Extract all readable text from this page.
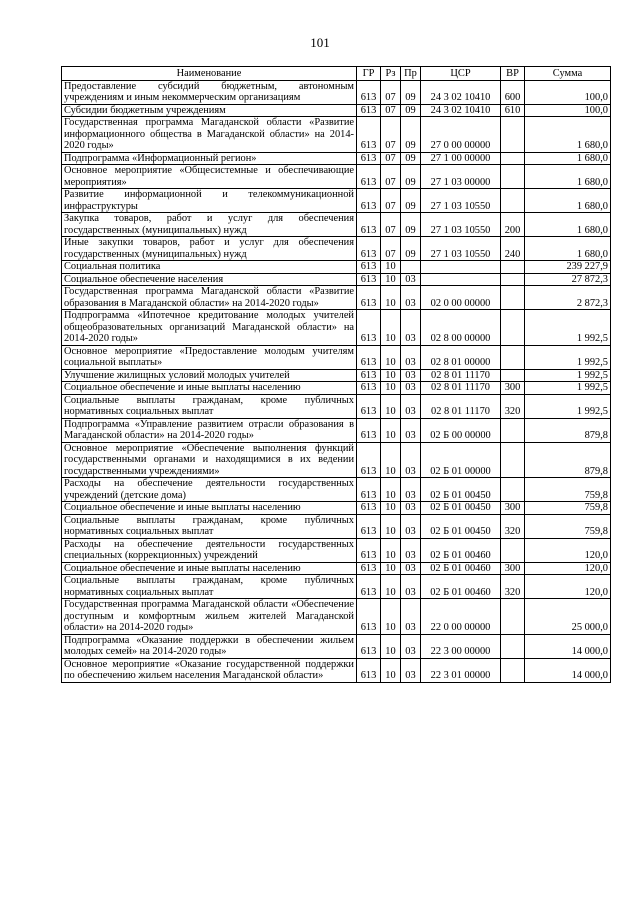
101
Наименование	ГР	Рз	Пр	ЦСР	ВР	Сумма
Предоставление субсидий бюджетным, автономным учреждениям и иным некоммерческим организациям	613	07	09	24 3 02 10410	600	100,0
Субсидии бюджетным учреждениям	613	07	09	24 3 02 10410	610	100,0
Государственная программа Магаданской области «Развитие информационного общества в Магаданской области» на 2014-2020 годы»	613	07	09	27 0 00 00000		1 680,0
Подпрограмма «Информационный регион»	613	07	09	27 1 00 00000		1 680,0
Основное мероприятие «Общесистемные и обеспечивающие мероприятия»	613	07	09	27 1 03 00000		1 680,0
Развитие информационной и телекоммуникационной инфраструктуры	613	07	09	27 1 03 10550		1 680,0
Закупка товаров, работ и услуг для обеспечения государственных (муниципальных) нужд	613	07	09	27 1 03 10550	200	1 680,0
Иные закупки товаров, работ и услуг для обеспечения государственных (муниципальных) нужд	613	07	09	27 1 03 10550	240	1 680,0
Социальная политика	613	10				239 227,9
Социальное обеспечение населения	613	10	03			27 872,3
Государственная программа Магаданской области «Развитие образования в Магаданской области» на 2014-2020 годы»	613	10	03	02 0 00 00000		2 872,3
Подпрограмма «Ипотечное кредитование молодых учителей общеобразовательных организаций Магаданской области» на 2014-2020 годы»	613	10	03	02 8 00 00000		1 992,5
Основное мероприятие «Предоставление молодым учителям социальной выплаты»	613	10	03	02 8 01 00000		1 992,5
Улучшение жилищных условий молодых учителей	613	10	03	02 8 01 11170		1 992,5
Социальное обеспечение и иные выплаты населению	613	10	03	02 8 01 11170	300	1 992,5
Социальные выплаты гражданам, кроме публичных нормативных социальных выплат	613	10	03	02 8 01 11170	320	1 992,5
Подпрограмма «Управление развитием отрасли образования в Магаданской области» на 2014-2020 годы»	613	10	03	02 Б 00 00000		879,8
Основное мероприятие «Обеспечение выполнения функций государственными органами и находящимися в их ведении государственными учреждениями»	613	10	03	02 Б 01 00000		879,8
Расходы на обеспечение деятельности государственных учреждений (детские дома)	613	10	03	02 Б 01 00450		759,8
Социальное обеспечение и иные выплаты населению	613	10	03	02 Б 01 00450	300	759,8
Социальные выплаты гражданам, кроме публичных нормативных социальных выплат	613	10	03	02 Б 01 00450	320	759,8
Расходы на обеспечение деятельности государственных специальных (коррекционных) учреждений	613	10	03	02 Б 01 00460		120,0
Социальное обеспечение и иные выплаты населению	613	10	03	02 Б 01 00460	300	120,0
Социальные выплаты гражданам, кроме публичных нормативных социальных выплат	613	10	03	02 Б 01 00460	320	120,0
Государственная программа Магаданской области «Обеспечение доступным и комфортным жильем жителей Магаданской области» на 2014-2020 годы»	613	10	03	22 0 00 00000		25 000,0
Подпрограмма «Оказание поддержки в обеспечении жильем молодых семей» на 2014-2020 годы»	613	10	03	22 3 00 00000		14 000,0
Основное мероприятие «Оказание государственной поддержки по обеспечению жильем населения Магаданской области»	613	10	03	22 3 01 00000		14 000,0
